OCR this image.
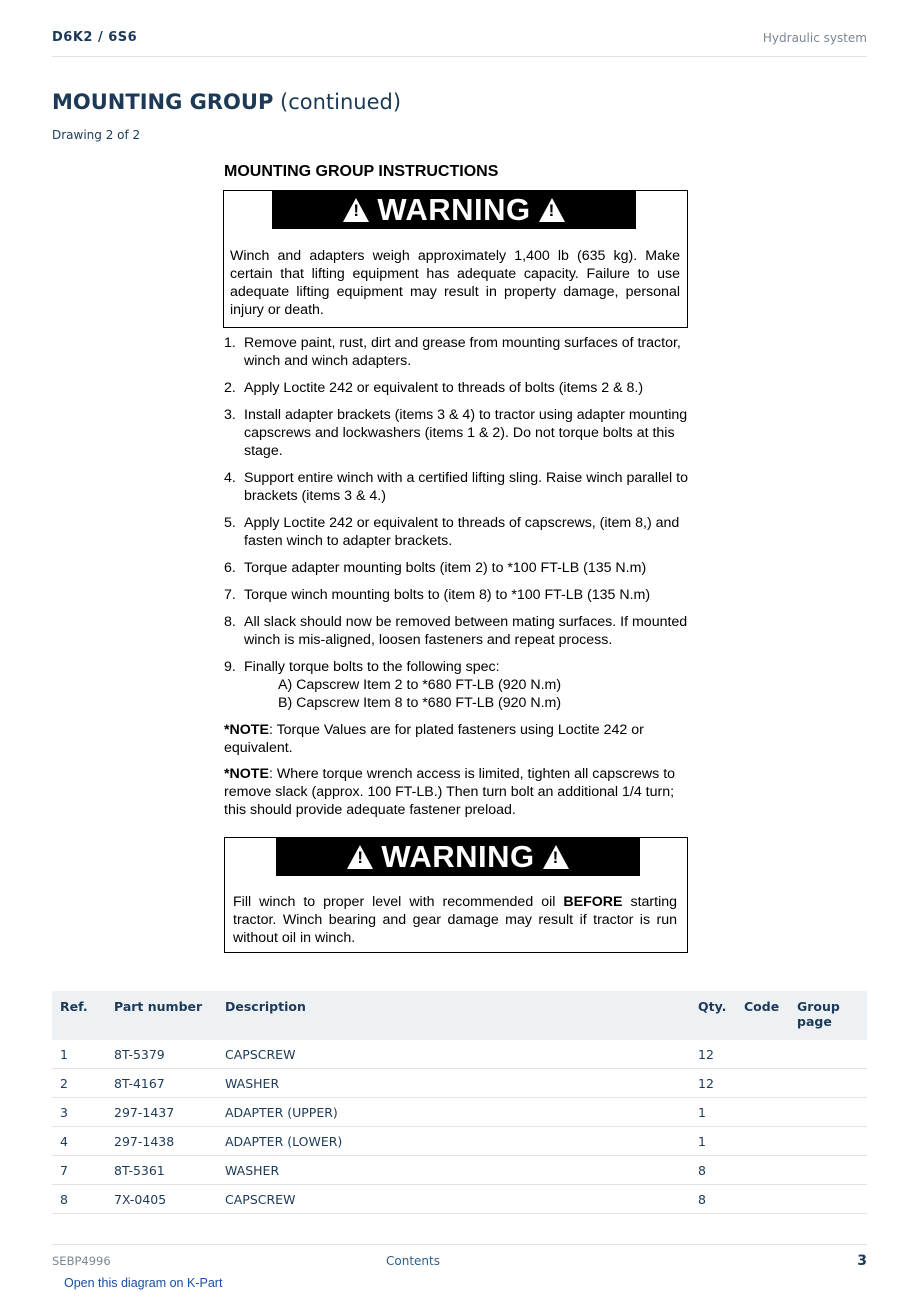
D6K2 / 6S6	Hydraulic system
MOUNTING GROUP (continued)
Drawing 2 of 2
MOUNTING GROUP INSTRUCTIONS
!
WARNING
!
Winch and adapters weigh approximately 1,400 lb (635 kg). Make certain that lifting equipment has adequate capacity. Failure to use adequate lifting equipment may result in property damage, personal injury or death.
1. Remove paint, rust, dirt and grease from mounting surfaces of tractor, winch and winch adapters.
2. Apply Loctite 242 or equivalent to threads of bolts (items 2 & 8.)
3. Install adapter brackets (items 3 & 4) to tractor using adapter mounting capscrews and lockwashers (items 1 & 2). Do not torque bolts at this stage.
4. Support entire winch with a certified lifting sling. Raise winch parallel to brackets (items 3 & 4.)
5. Apply Loctite 242 or equivalent to threads of capscrews, (item 8,) and fasten winch to adapter brackets.
6. Torque adapter mounting bolts (item 2) to *100 FT-LB (135 N.m)
7. Torque winch mounting bolts to (item 8) to *100 FT-LB (135 N.m)
8. All slack should now be removed between mating surfaces. If mounted winch is mis-aligned, loosen fasteners and repeat process.
9. Finally torque bolts to the following spec:
A) Capscrew Item 2 to *680 FT-LB (920 N.m)
B) Capscrew Item 8 to *680 FT-LB (920 N.m)
*NOTE: Torque Values are for plated fasteners using Loctite 242 or equivalent.
*NOTE: Where torque wrench access is limited, tighten all capscrews to remove slack (approx. 100 FT-LB.) Then turn bolt an additional 1/4 turn; this should provide adequate fastener preload.
!
WARNING
!
Fill winch to proper level with recommended oil BEFORE starting tractor. Winch bearing and gear damage may result if tractor is run without oil in winch.
Ref.	Part number	Description	Qty.	Code	Group page

1	8T-5379	CAPSCREW	12		
2	8T-4167	WASHER	12		
3	297-1437	ADAPTER (UPPER)	1		
4	297-1438	ADAPTER (LOWER)	1		
7	8T-5361	WASHER	8		
8	7X-0405	CAPSCREW	8		
SEBP4996	Contents	3
Open this diagram on K-Part
